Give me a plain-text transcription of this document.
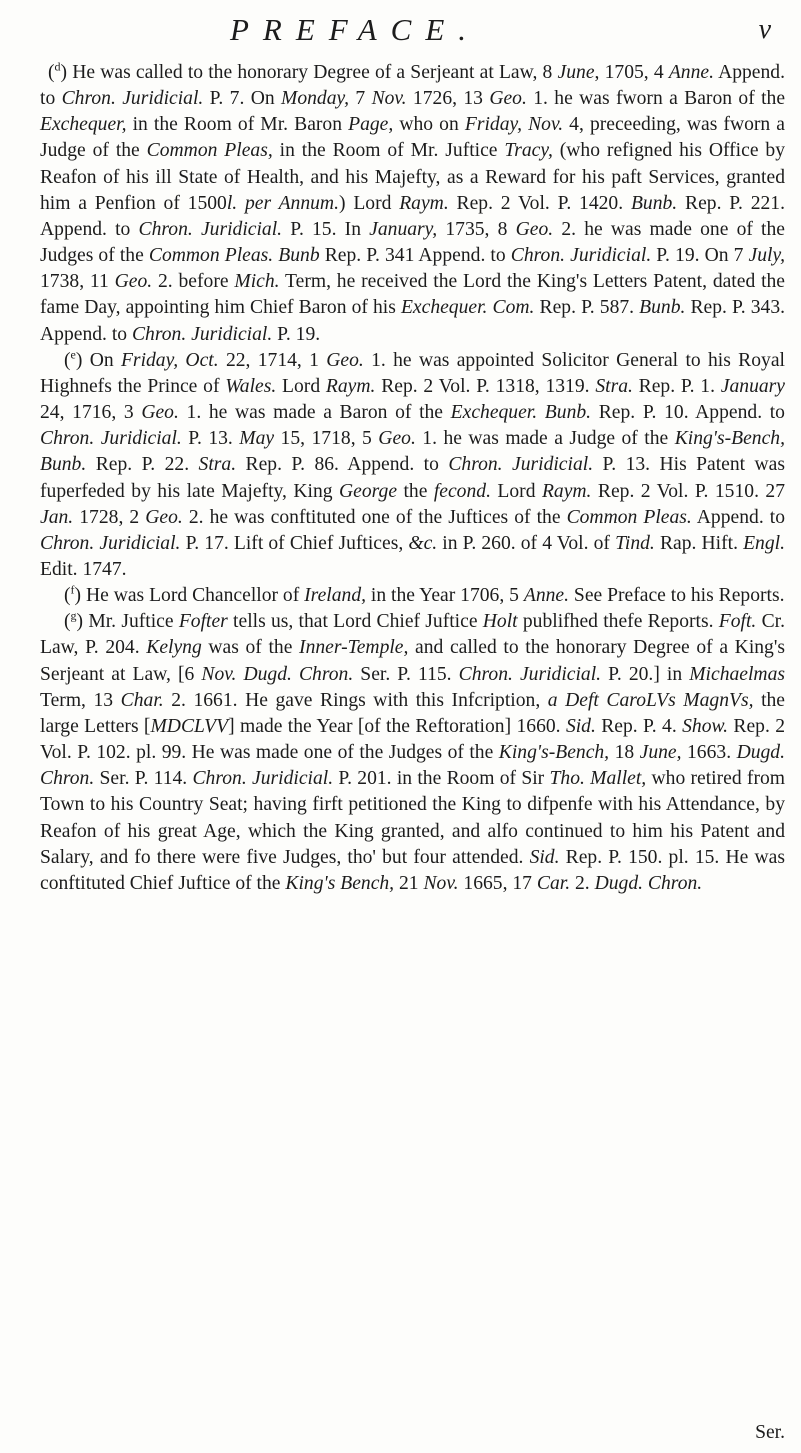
PREFACE.	v

($^d$) He was called to the honorary Degree of a Serjeant at Law, 8 June, 1705, 4 Anne. Append. to Chron. Juridicial. P. 7. On Monday, 7 Nov. 1726, 13 Geo. 1. he was fworn a Baron of the Exchequer, in the Room of Mr. Baron Page, who on Friday, Nov. 4, preceeding, was fworn a Judge of the Common Pleas, in the Room of Mr. Juftice Tracy, (who refigned his Office by Reafon of his ill State of Health, and his Majefty, as a Reward for his paft Services, granted him a Penfion of 1500l. per Annum.) Lord Raym. Rep. 2 Vol. P. 1420. Bunb. Rep. P. 221. Append. to Chron. Juridicial. P. 15. In January, 1735, 8 Geo. 2. he was made one of the Judges of the Common Pleas. Bunb Rep. P. 341 Append. to Chron. Juridicial. P. 19. On 7 July, 1738, 11 Geo. 2. before Mich. Term, he received the Lord the King's Letters Patent, dated the fame Day, appointing him Chief Baron of his Exchequer. Com. Rep. P. 587. Bunb. Rep. P. 343. Append. to Chron. Juridicial. P. 19.

($^e$) On Friday, Oct. 22, 1714, 1 Geo. 1. he was appointed Solicitor General to his Royal Highnefs the Prince of Wales. Lord Raym. Rep. 2 Vol. P. 1318, 1319. Stra. Rep. P. 1. January 24, 1716, 3 Geo. 1. he was made a Baron of the Exchequer. Bunb. Rep. P. 10. Append. to Chron. Juridicial. P. 13. May 15, 1718, 5 Geo. 1. he was made a Judge of the King's-Bench, Bunb. Rep. P. 22. Stra. Rep. P. 86. Append. to Chron. Juridicial. P. 13. His Patent was fuperfeded by his late Majefty, King George the fecond. Lord Raym. Rep. 2 Vol. P. 1510. 27 Jan. 1728, 2 Geo. 2. he was conftituted one of the Juftices of the Common Pleas. Append. to Chron. Juridicial. P. 17. Lift of Chief Juftices, &c. in P. 260. of 4 Vol. of Tind. Rap. Hift. Engl. Edit. 1747.

($^f$) He was Lord Chancellor of Ireland, in the Year 1706, 5 Anne. See Preface to his Reports.

($^g$) Mr. Juftice Fofter tells us, that Lord Chief Juftice Holt publifhed thefe Reports. Foft. Cr. Law, P. 204. Kelyng was of the Inner-Temple, and called to the honorary Degree of a King's Serjeant at Law, [6 Nov. Dugd. Chron. Ser. P. 115. Chron. Juridicial. P. 20.] in Michaelmas Term, 13 Char. 2. 1661. He gave Rings with this Infcription, a Deft CaroLVs MagnVs, the large Letters [MDCLVV] made the Year [of the Reftoration] 1660. Sid. Rep. P. 4. Show. Rep. 2 Vol. P. 102. pl. 99. He was made one of the Judges of the King's-Bench, 18 June, 1663. Dugd. Chron. Ser. P. 114. Chron. Juridicial. P. 201. in the Room of Sir Tho. Mallet, who retired from Town to his Country Seat; having firft petitioned the King to difpenfe with his Attendance, by Reafon of his great Age, which the King granted, and alfo continued to him his Patent and Salary, and fo there were five Judges, tho' but four attended. Sid. Rep. P. 150. pl. 15. He was conftituted Chief Juftice of the King's Bench, 21 Nov. 1665, 17 Car. 2. Dugd. Chron.

Ser.
